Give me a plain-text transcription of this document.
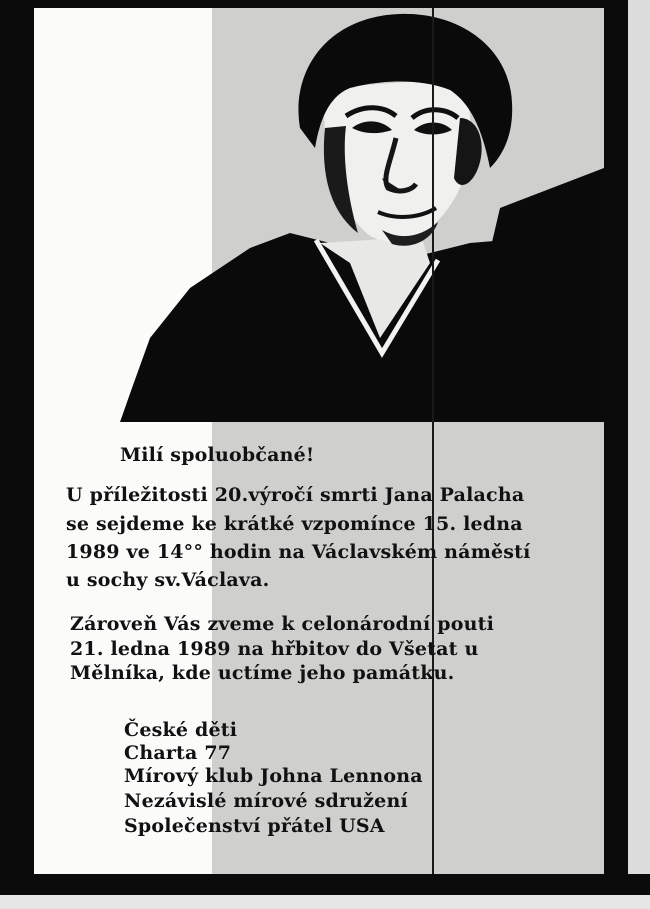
Milí spoluobčané!
U příležitosti 20.výročí smrti Jana Palacha
se sejdeme ke krátké vzpomínce 15. ledna
1989 ve 14°° hodin na Václavském náměstí
u sochy sv.Václava.
Zároveň Vás zveme k celonárodní pouti
21. ledna 1989 na hřbitov do Všetat u
Mělníka, kde uctíme jeho památku.
České děti
Charta 77
Mírový klub Johna Lennona
Nezávislé mírové sdružení
Společenství přátel USA
